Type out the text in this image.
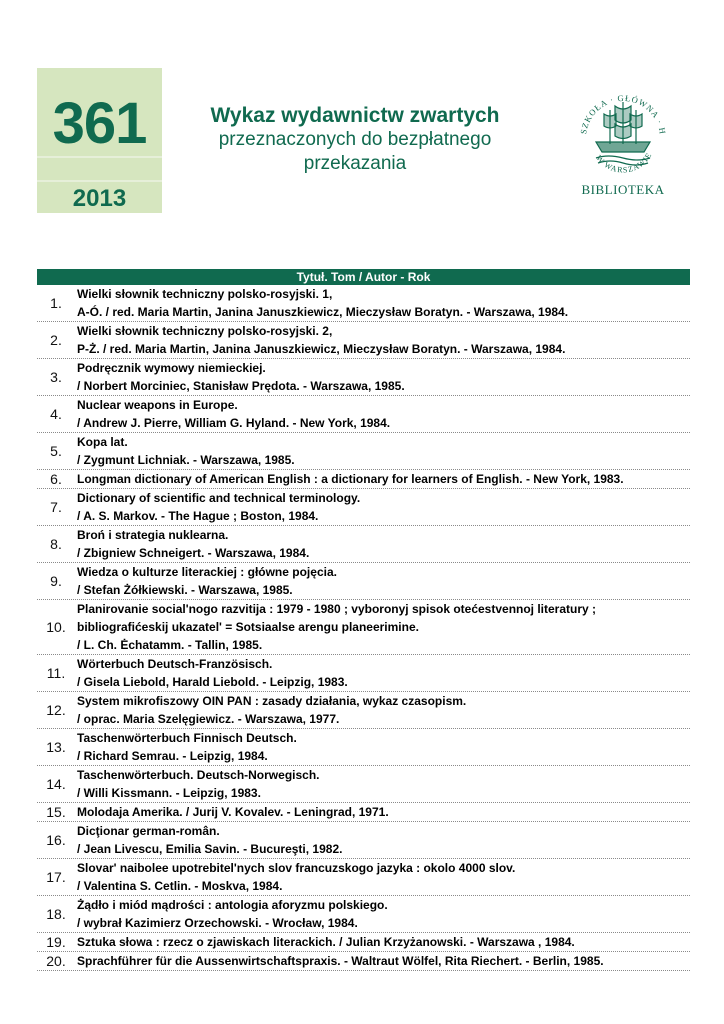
361
2013
Wykaz wydawnictw zwartych
przeznaczonych do bezpłatnego
przekazania
SZKOŁA · GŁÓWNA · H
W WARSZAWIE
BIBLIOTEKA
Tytuł. Tom / Autor - Rok
1.
Wielki słownik techniczny polsko-rosyjski. 1,
A-Ó. / red. Maria Martin, Janina Januszkiewicz, Mieczysław Boratyn. - Warszawa, 1984.
2.
Wielki słownik techniczny polsko-rosyjski. 2,
P-Ż. / red. Maria Martin, Janina Januszkiewicz, Mieczysław Boratyn. - Warszawa, 1984.
3.
Podręcznik wymowy niemieckiej.
/ Norbert Morciniec, Stanisław Prędota. - Warszawa, 1985.
4.
Nuclear weapons in Europe.
/ Andrew J. Pierre, William G. Hyland. - New York, 1984.
5.
Kopa lat.
/ Zygmunt Lichniak. - Warszawa, 1985.
6.	Longman dictionary of American English : a dictionary for learners of English. - New York, 1983.
7.
Dictionary of scientific and technical terminology.
/ A. S. Markov. - The Hague ; Boston, 1984.
8.
Broń i strategia nuklearna.
/ Zbigniew Schneigert. - Warszawa, 1984.
9.
Wiedza o kulturze literackiej : główne pojęcia.
/ Stefan Żółkiewski. - Warszawa, 1985.
10.
Planirovanie social'nogo razvitija : 1979 - 1980 ; vyboronyj spisok otećestvennoj literatury ;
bibliografićeskij ukazatel' = Sotsiaalse arengu planeerimine.
/ L. Ch. Ėchatamm. - Tallin, 1985.
11.
Wörterbuch Deutsch-Französisch.
/ Gisela Liebold, Harald Liebold. - Leipzig, 1983.
12.
System mikrofiszowy OIN PAN : zasady działania, wykaz czasopism.
/ oprac. Maria Szelęgiewicz. - Warszawa, 1977.
13.
Taschenwörterbuch Finnisch Deutsch.
/ Richard Semrau. - Leipzig, 1984.
14.
Taschenwörterbuch. Deutsch-Norwegisch.
/ Willi Kissmann. - Leipzig, 1983.
15. Molodaja Amerika. / Jurij V. Kovalev. - Leningrad, 1971.
16.
Dicţionar german-român.
/ Jean Livescu, Emilia Savin. - Bucureşti, 1982.
17.
Slovar' naibolee upotrebitel'nych slov francuzskogo jazyka : okolo 4000 slov.
/ Valentina S. Cetlin. - Moskva, 1984.
18.
Żądło i miód mądrości : antologia aforyzmu polskiego.
/ wybrał Kazimierz Orzechowski. - Wrocław, 1984.
19. Sztuka słowa : rzecz o zjawiskach literackich. / Julian Krzyżanowski. - Warszawa , 1984.
20. Sprachführer für die Aussenwirtschaftspraxis. - Waltraut Wölfel, Rita Riechert. - Berlin, 1985.
